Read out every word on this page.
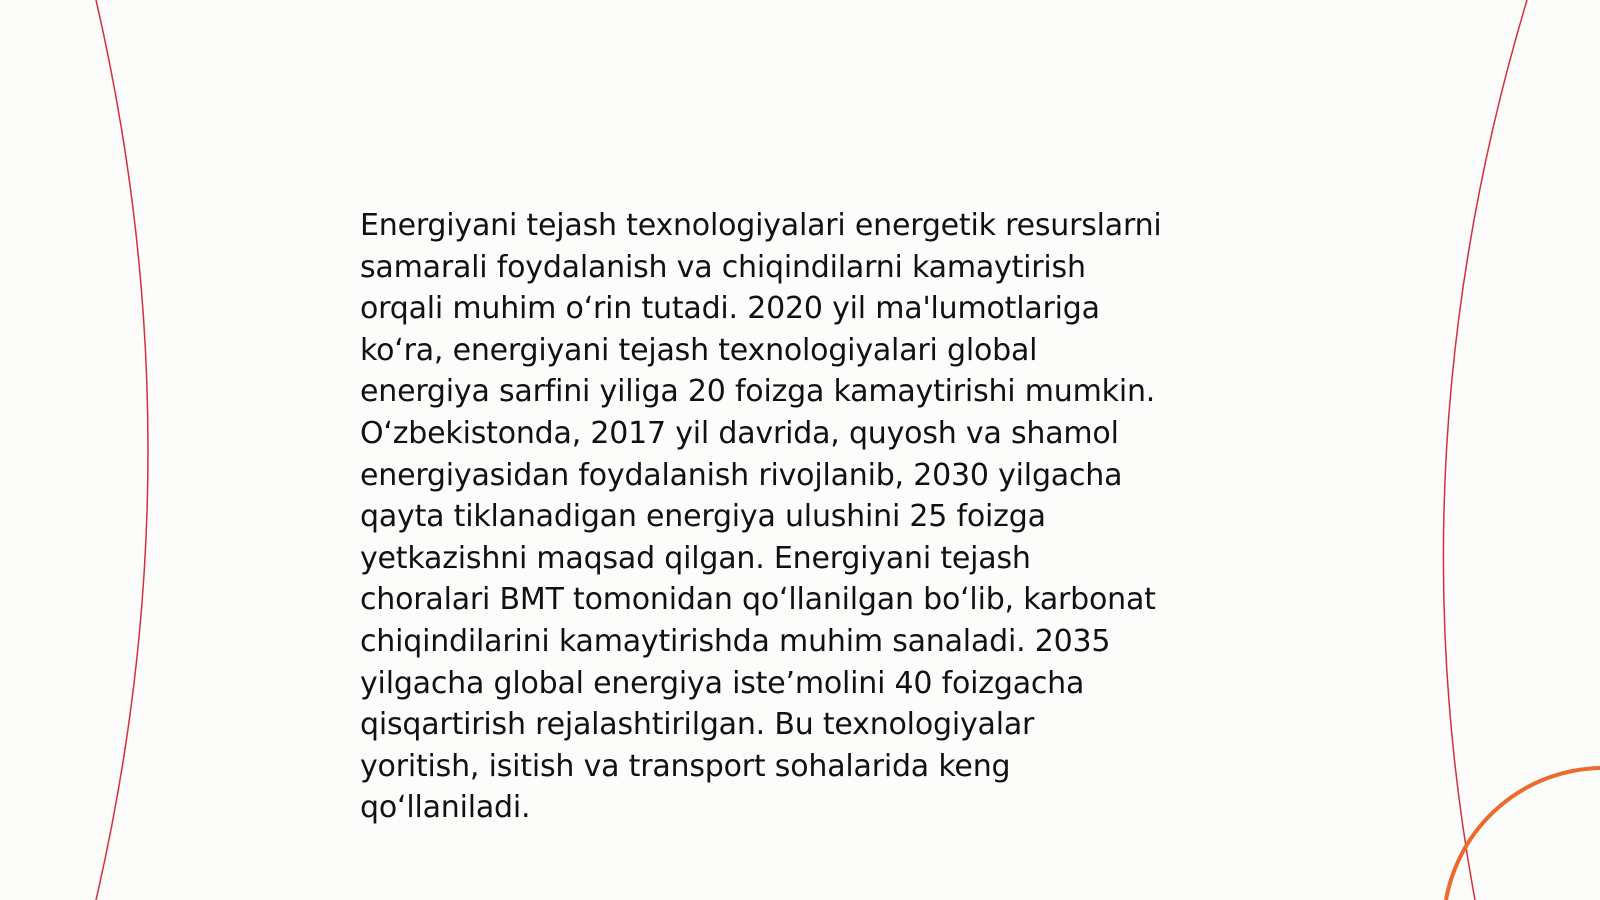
Energiyani tejash texnologiyalari energetik resurslarni
samarali foydalanish va chiqindilarni kamaytirish
orqali muhim o‘rin tutadi. 2020 yil ma'lumotlariga
ko‘ra, energiyani tejash texnologiyalari global
energiya sarfini yiliga 20 foizga kamaytirishi mumkin.
O‘zbekistonda, 2017 yil davrida, quyosh va shamol
energiyasidan foydalanish rivojlanib, 2030 yilgacha
qayta tiklanadigan energiya ulushini 25 foizga
yetkazishni maqsad qilgan. Energiyani tejash
choralari BMT tomonidan qo‘llanilgan bo‘lib, karbonat
chiqindilarini kamaytirishda muhim sanaladi. 2035
yilgacha global energiya iste’molini 40 foizgacha
qisqartirish rejalashtirilgan. Bu texnologiyalar
yoritish, isitish va transport sohalarida keng
qo‘llaniladi.
